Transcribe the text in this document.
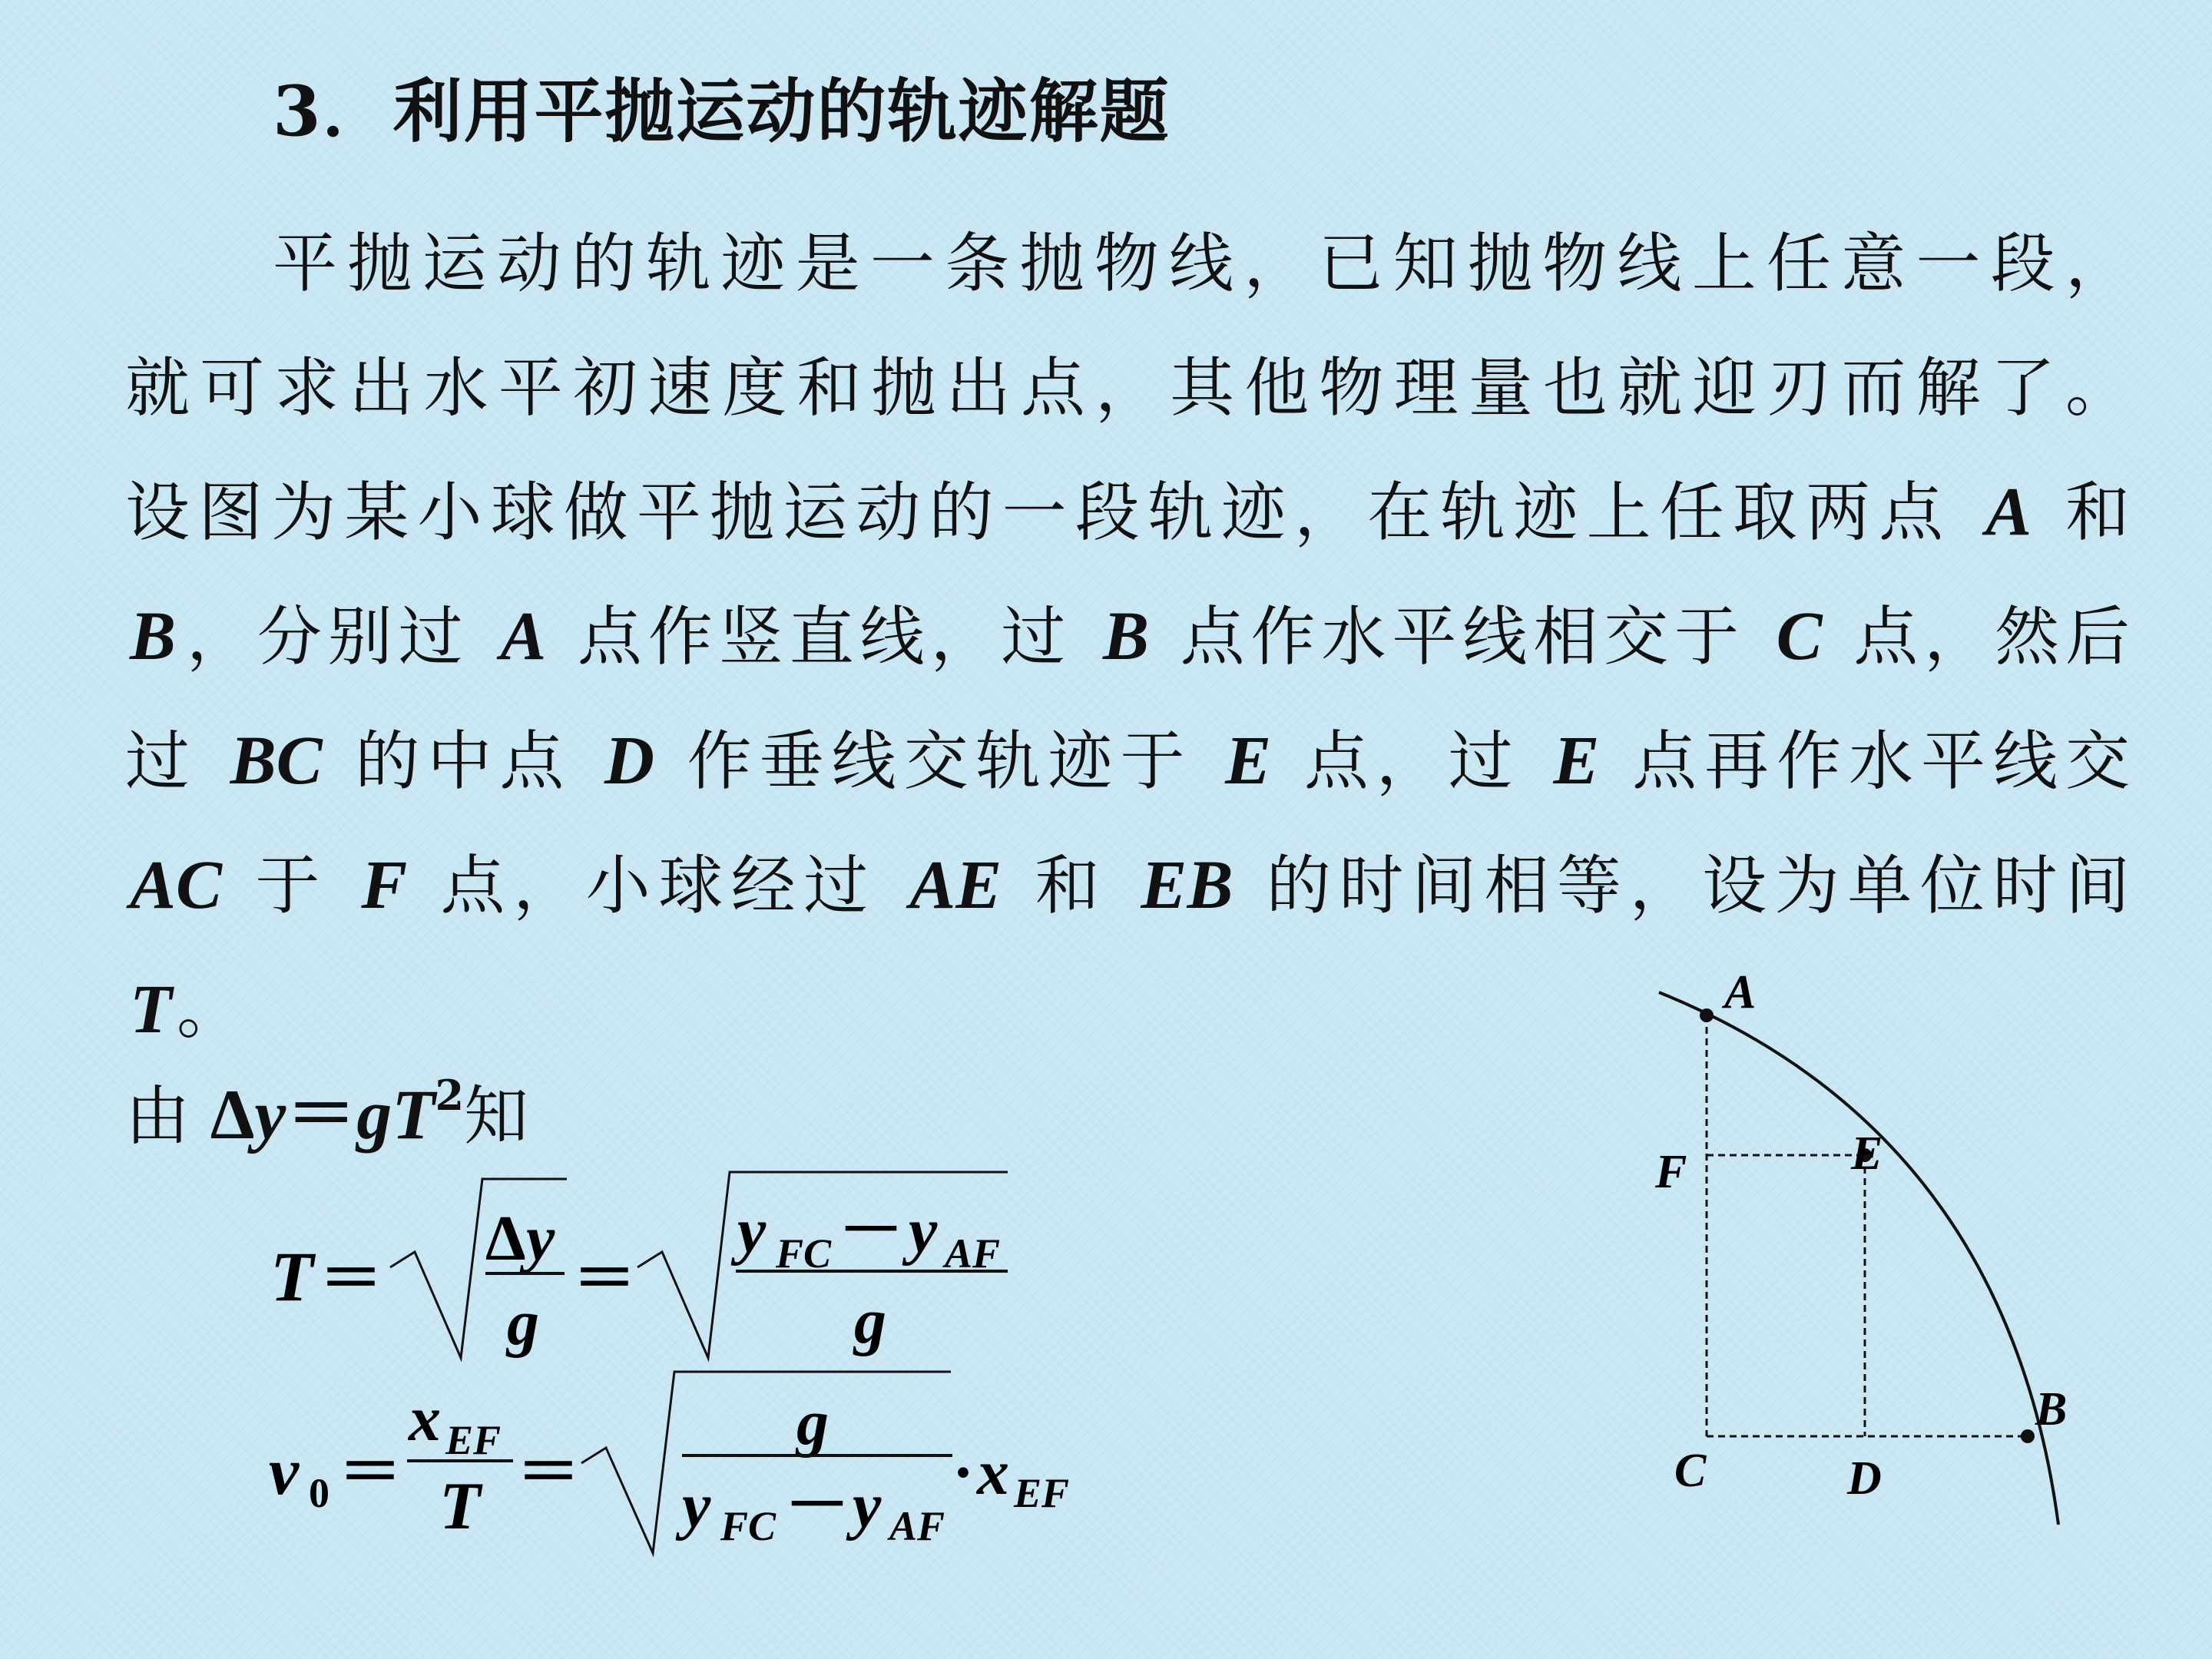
3．利用平抛运动的轨迹解题
平抛运动的轨迹是一条抛物线，已知抛物线上任意一段，
就可求出水平初速度和抛出点，其他物理量也就迎刃而解了。
设图为某小球做平抛运动的一段轨迹，在轨迹上任取两点 A 和
B，分别过 A 点作竖直线，过 B 点作水平线相交于 C 点，然后
过 BC 的中点 D 作垂线交轨迹于 E 点，过 E 点再作水平线交
AC 于 F 点，小球经过 AE 和 EB 的时间相等，设为单位时间
T。
由 $\Delta y=gT^2$知
T ＝
Δ y
g
＝
y FC － y AF
g
v 0 ＝
x EF
T ＝
g
y FC － y AF
· x EF
A
E
F
B
C	D
